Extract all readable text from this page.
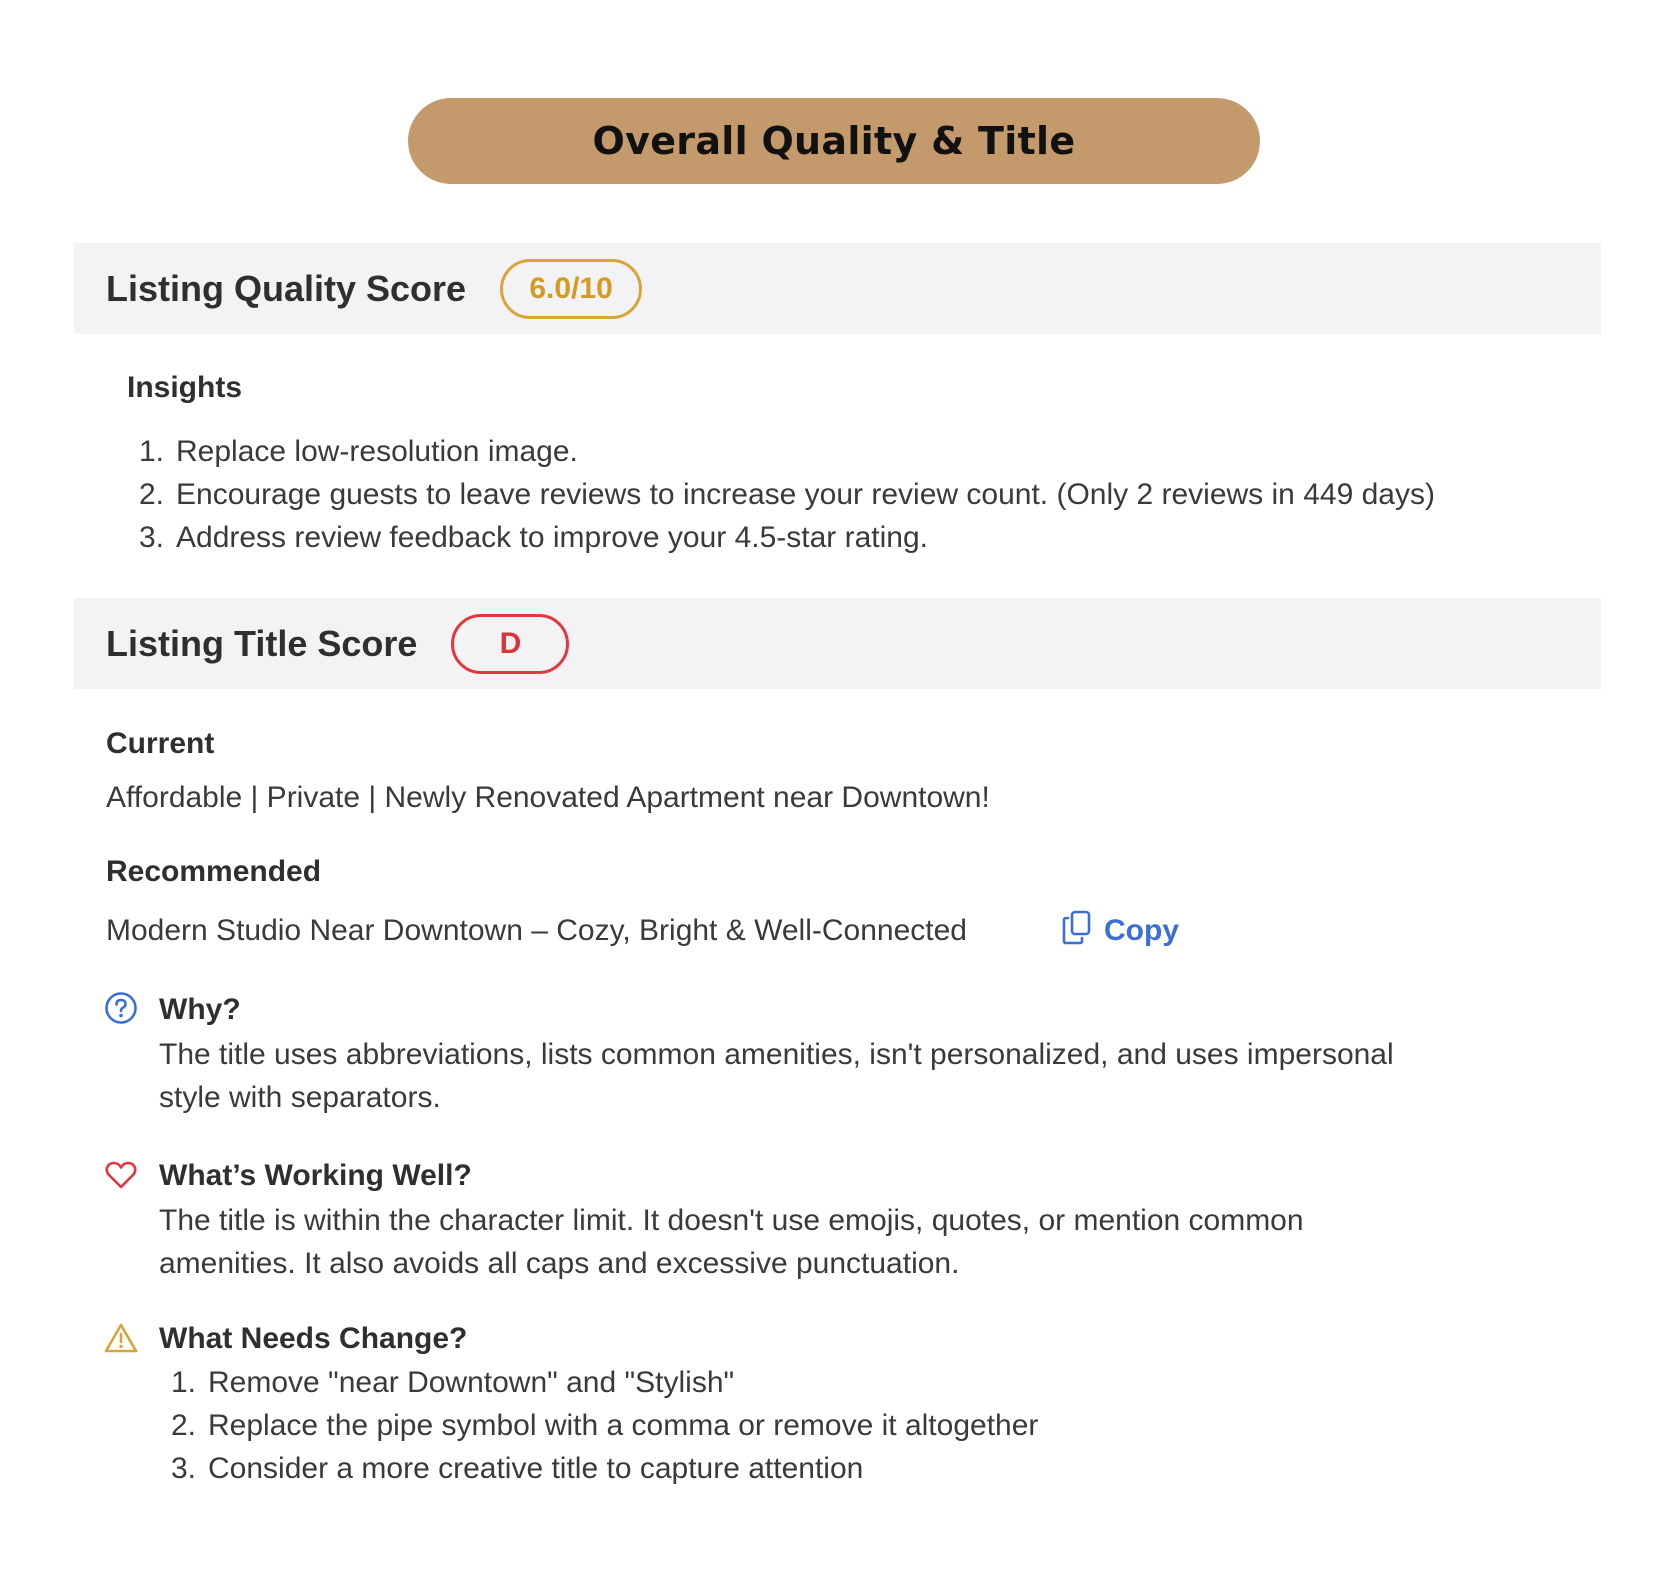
Overall Quality & Title
Listing Quality Score	6.0/10
Insights
1. Replace low-resolution image.
2. Encourage guests to leave reviews to increase your review count. (Only 2 reviews in 449 days)
3. Address review feedback to improve your 4.5-star rating.
Listing Title Score	D
Current
Affordable | Private | Newly Renovated Apartment near Downtown!
Recommended
Modern Studio Near Downtown – Cozy, Bright & Well-Connected	Copy
Why?
The title uses abbreviations, lists common amenities, isn't personalized, and uses impersonal
style with separators.
What’s Working Well?
The title is within the character limit. It doesn't use emojis, quotes, or mention common
amenities. It also avoids all caps and excessive punctuation.
What Needs Change?
1. Remove "near Downtown" and "Stylish"
2. Replace the pipe symbol with a comma or remove it altogether
3. Consider a more creative title to capture attention
